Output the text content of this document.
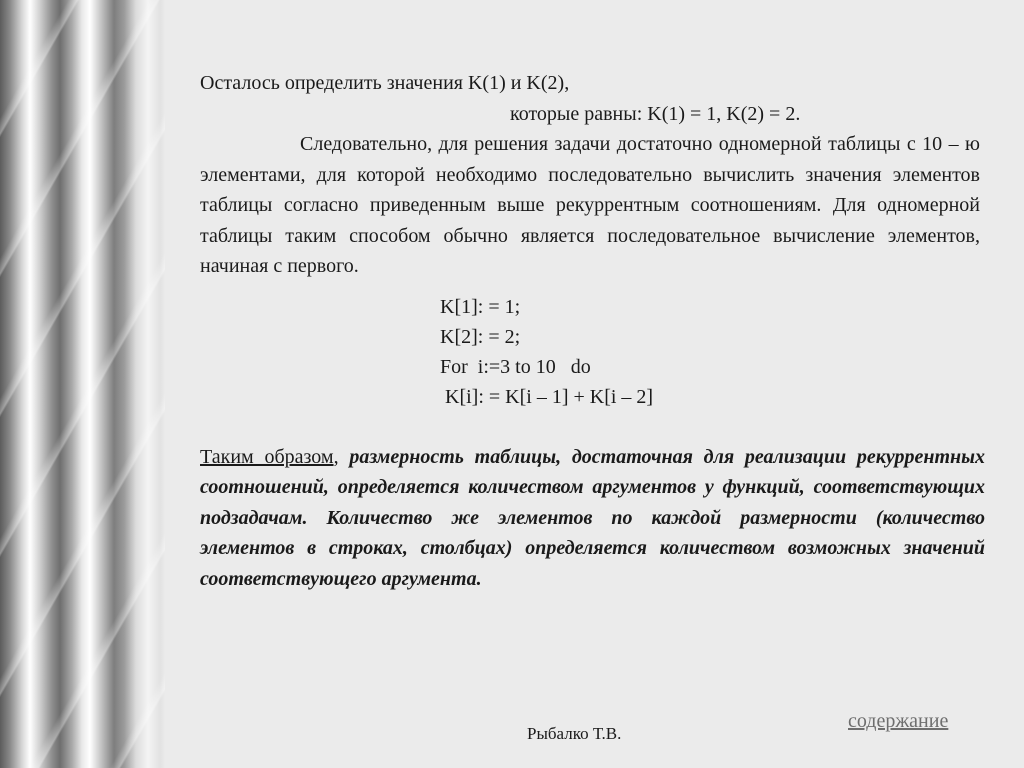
Осталось определить значения K(1) и K(2),

которые равны: K(1) = 1, K(2) = 2.

Следовательно, для решения задачи достаточно одномерной таблицы с 10 – ю элементами, для которой необходимо последовательно вычислить значения элементов таблицы согласно приведенным выше рекуррентным соотношениям. Для одномерной таблицы таким способом обычно является последовательное вычисление элементов, начиная с первого.

K[1]: = 1;
K[2]: = 2;
For  i:=3 to 10   do
K[i]: = K[i – 1] + K[i – 2]
Таким образом, размерность таблицы, достаточная для реализации рекуррентных соотношений, определяется количеством аргументов у функций, соответствующих подзадачам. Количество же элементов по каждой размерности (количество элементов в строках, столбцах) определяется количеством возможных значений соответствующего аргумента.
Рыбалко Т.В.
содержание
